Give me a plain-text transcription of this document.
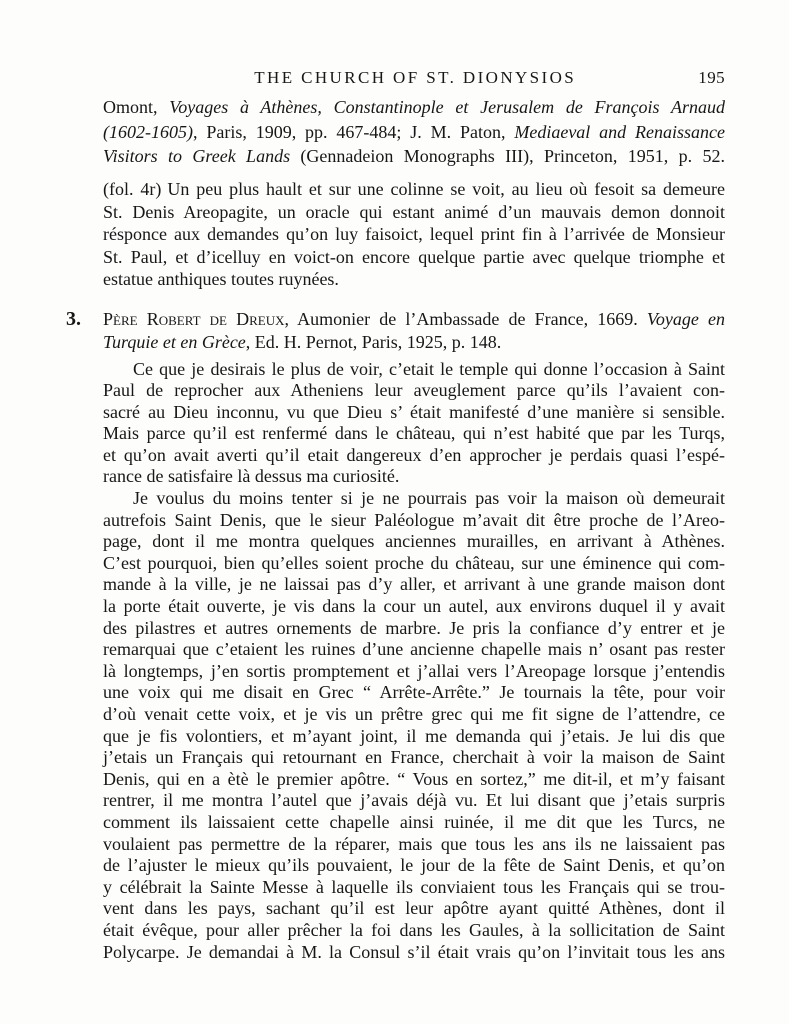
THE CHURCH OF ST. DIONYSIOS	195
Omont, Voyages à Athènes, Constantinople et Jerusalem de François Arnaud
(1602-1605), Paris, 1909, pp. 467-484; J. M. Paton, Mediaeval and Renaissance
Visitors to Greek Lands (Gennadeion Monographs III), Princeton, 1951, p. 52.
(fol. 4r) Un peu plus hault et sur une colinne se voit, au lieu où fesoit sa demeure
St. Denis Areopagite, un oracle qui estant animé d’un mauvais demon donnoit
résponce aux demandes qu’on luy faisoict, lequel print fin à l’arrivée de Monsieur
St. Paul, et d’icelluy en voict-on encore quelque partie avec quelque triomphe et
estatue anthiques toutes ruynées.
3. Père Robert de Dreux, Aumonier de l’Ambassade de France, 1669. Voyage en
Turquie et en Grèce, Ed. H. Pernot, Paris, 1925, p. 148.
Ce que je desirais le plus de voir, c’etait le temple qui donne l’occasion à Saint
Paul de reprocher aux Atheniens leur aveuglement parce qu’ils l’avaient con-
sacré au Dieu inconnu, vu que Dieu s’ était manifesté d’une manière si sensible.
Mais parce qu’il est renfermé dans le château, qui n’est habité que par les Turqs,
et qu’on avait averti qu’il etait dangereux d’en approcher je perdais quasi l’espé-
rance de satisfaire là dessus ma curiosité.
Je voulus du moins tenter si je ne pourrais pas voir la maison où demeurait
autrefois Saint Denis, que le sieur Paléologue m’avait dit être proche de l’Areo-
page, dont il me montra quelques anciennes murailles, en arrivant à Athènes.
C’est pourquoi, bien qu’elles soient proche du château, sur une éminence qui com-
mande à la ville, je ne laissai pas d’y aller, et arrivant à une grande maison dont
la porte était ouverte, je vis dans la cour un autel, aux environs duquel il y avait
des pilastres et autres ornements de marbre. Je pris la confiance d’y entrer et je
remarquai que c’etaient les ruines d’une ancienne chapelle mais n’ osant pas rester
là longtemps, j’en sortis promptement et j’allai vers l’Areopage lorsque j’entendis
une voix qui me disait en Grec “ Arrête-Arrête.” Je tournais la tête, pour voir
d’où venait cette voix, et je vis un prêtre grec qui me fit signe de l’attendre, ce
que je fis volontiers, et m’ayant joint, il me demanda qui j’etais. Je lui dis que
j’etais un Français qui retournant en France, cherchait à voir la maison de Saint
Denis, qui en a ètè le premier apôtre. “ Vous en sortez,” me dit-il, et m’y faisant
rentrer, il me montra l’autel que j’avais déjà vu. Et lui disant que j’etais surpris
comment ils laissaient cette chapelle ainsi ruinée, il me dit que les Turcs, ne
voulaient pas permettre de la réparer, mais que tous les ans ils ne laissaient pas
de l’ajuster le mieux qu’ils pouvaient, le jour de la fête de Saint Denis, et qu’on
y célébrait la Sainte Messe à laquelle ils conviaient tous les Français qui se trou-
vent dans les pays, sachant qu’il est leur apôtre ayant quitté Athènes, dont il
était évêque, pour aller prêcher la foi dans les Gaules, à la sollicitation de Saint
Polycarpe. Je demandai à M. la Consul s’il était vrais qu’on l’invitait tous les ans
